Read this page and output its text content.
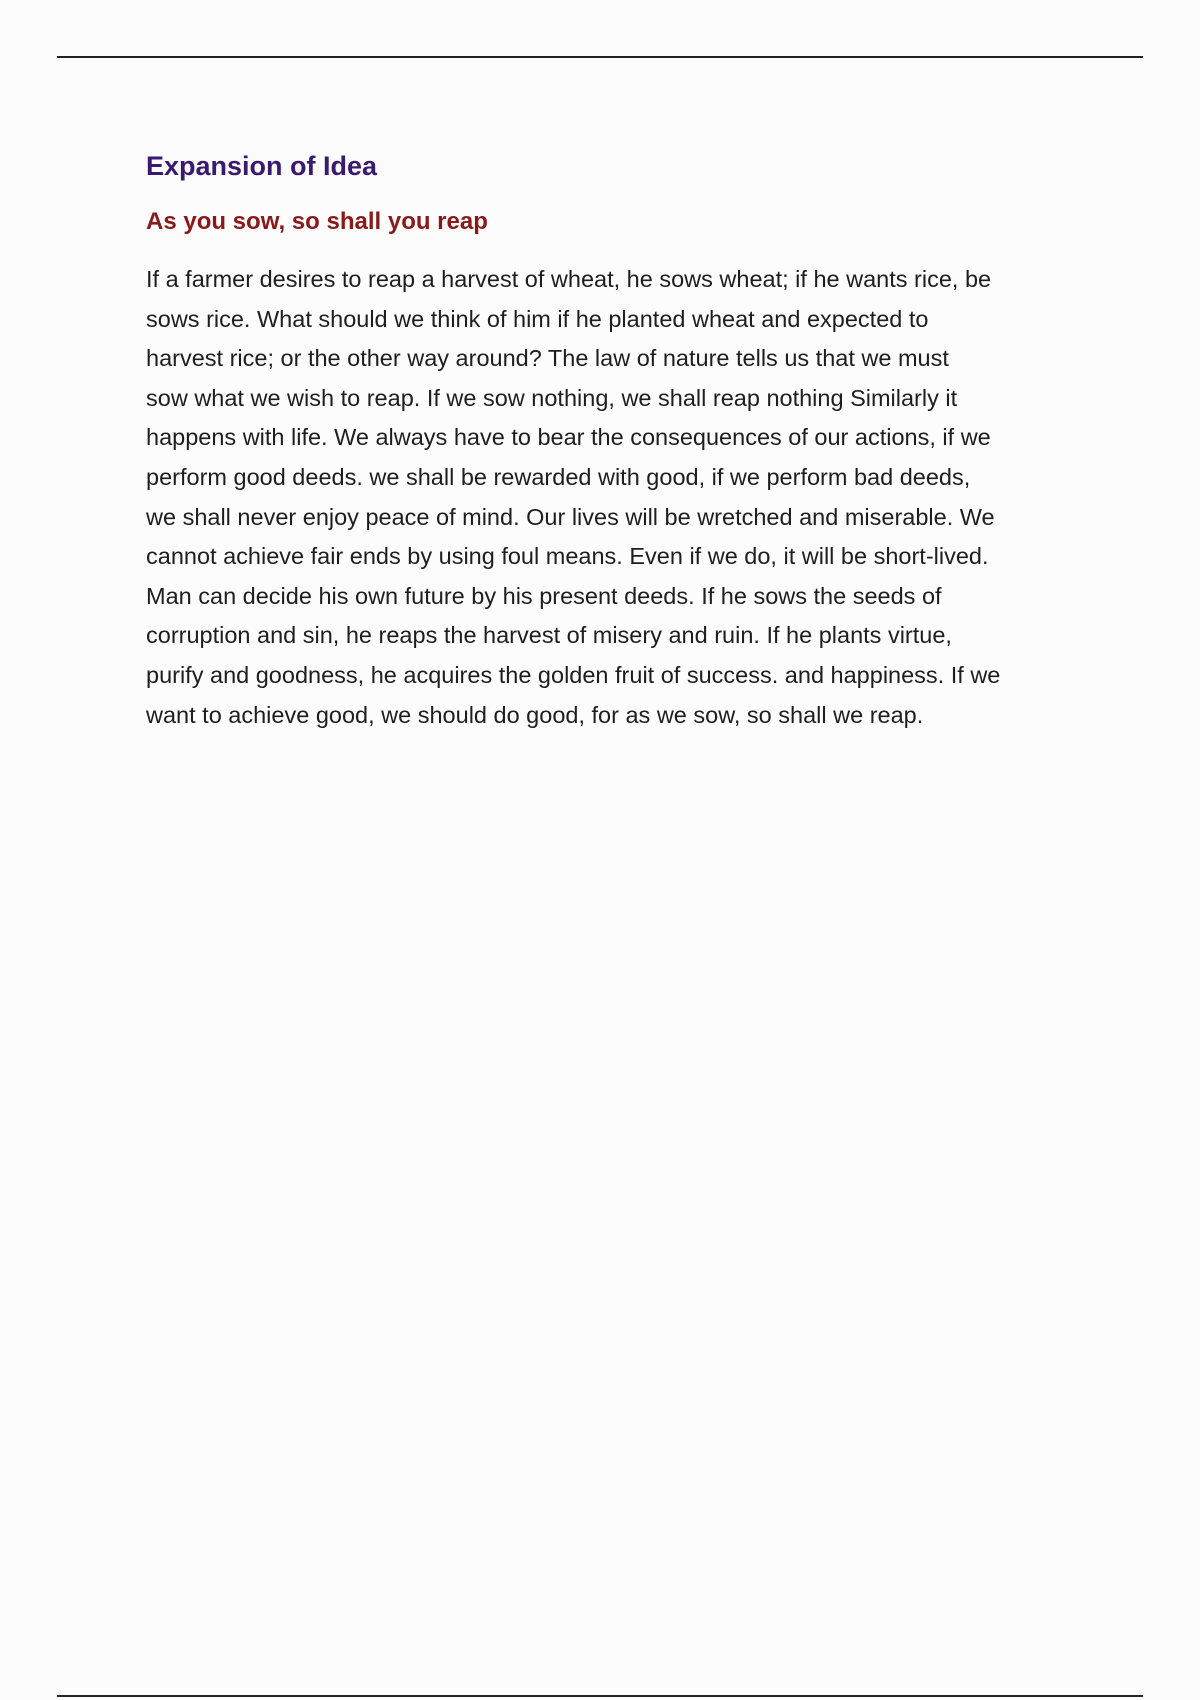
Expansion of Idea
As you sow, so shall you reap

If a farmer desires to reap a harvest of wheat, he sows wheat; if he wants rice, be
sows rice. What should we think of him if he planted wheat and expected to
harvest rice; or the other way around? The law of nature tells us that we must
sow what we wish to reap. If we sow nothing, we shall reap nothing Similarly it
happens with life. We always have to bear the consequences of our actions, if we
perform good deeds. we shall be rewarded with good, if we perform bad deeds,
we shall never enjoy peace of mind. Our lives will be wretched and miserable. We
cannot achieve fair ends by using foul means. Even if we do, it will be short-lived.
Man can decide his own future by his present deeds. If he sows the seeds of
corruption and sin, he reaps the harvest of misery and ruin. If he plants virtue,
purify and goodness, he acquires the golden fruit of success. and happiness. If we
want to achieve good, we should do good, for as we sow, so shall we reap.
